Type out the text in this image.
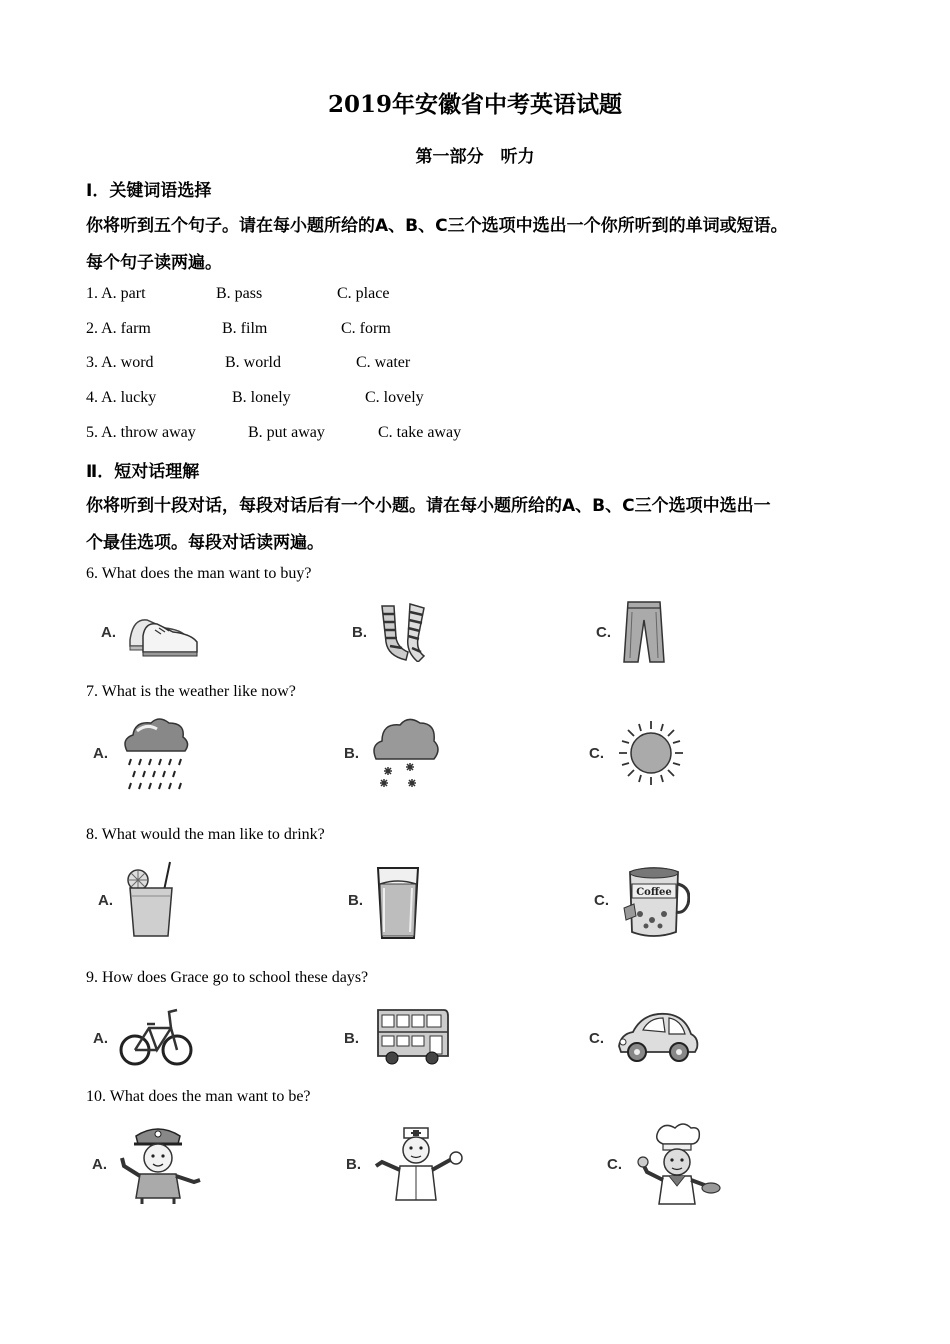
2019年安徽省中考英语试题
第一部分　听力
Ⅰ．关键词语选择
你将听到五个句子。请在每小题所给的A、B、C三个选项中选出一个你所听到的单词或短语。
每个句子读两遍。
1. A. part	B. pass	C. place
2. A. farm	B. film	C. form
3. A. word	B. world	C. water
4. A. lucky	B. lonely	C. lovely
5. A. throw away	B. put away	C. take away
Ⅱ．短对话理解
你将听到十段对话，每段对话后有一个小题。请在每小题所给的A、B、C三个选项中选出一
个最佳选项。每段对话读两遍。
6. What does the man want to buy?
A.	B.	C.
7. What is the weather like now?
A.	B.	C.
8. What would the man like to drink?
A.	B.	C.	Coffee
9. How does Grace go to school these days?
A.	B.	C.
10. What does the man want to be?
A.	B.	C.
